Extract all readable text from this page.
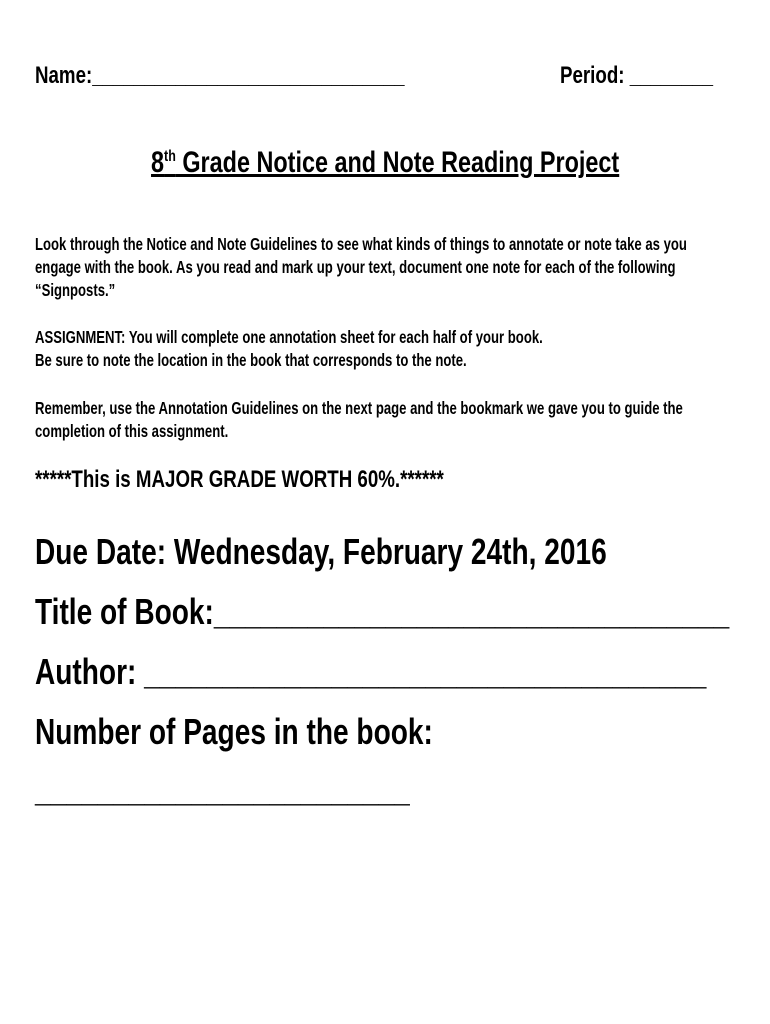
Name:______________________________	Period: ________
8th Grade Notice and Note Reading Project
Look through the Notice and Note Guidelines to see what kinds of things to annotate or note take as you
engage with the book. As you read and mark up your text, document one note for each of the following
“Signposts.”
ASSIGNMENT: You will complete one annotation sheet for each half of your book.
Be sure to note the location in the book that corresponds to the note.
Remember, use the Annotation Guidelines on the next page and the bookmark we gave you to guide the
completion of this assignment.
*****This is MAJOR GRADE WORTH 60%.******
Due Date: Wednesday, February 24th, 2016
Title of Book:_________________________________
Author: ____________________________________
Number of Pages in the book:
________________________
